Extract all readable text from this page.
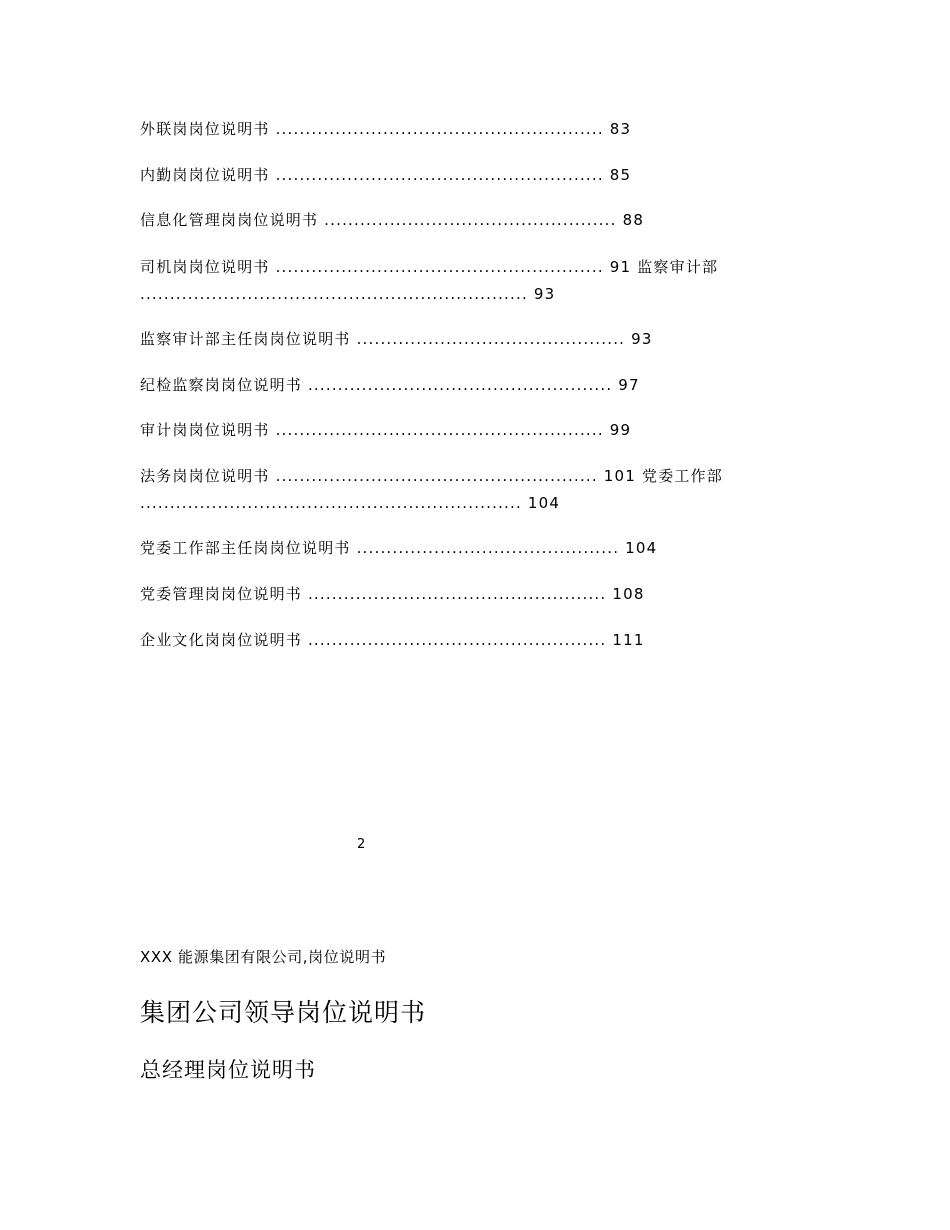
外联岗岗位说明书 ....................................................... 83
内勤岗岗位说明书 ....................................................... 85
信息化管理岗岗位说明书 ................................................. 88
司机岗岗位说明书 ....................................................... 91 监察审计部
................................................................. 93
监察审计部主任岗岗位说明书 ............................................. 93
纪检监察岗岗位说明书 ................................................... 97
审计岗岗位说明书 ....................................................... 99
法务岗岗位说明书 ...................................................... 101 党委工作部
................................................................ 104
党委工作部主任岗岗位说明书 ............................................ 104
党委管理岗岗位说明书 .................................................. 108
企业文化岗岗位说明书 .................................................. 111
2
XXX 能源集团有限公司,岗位说明书
集团公司领导岗位说明书
总经理岗位说明书
